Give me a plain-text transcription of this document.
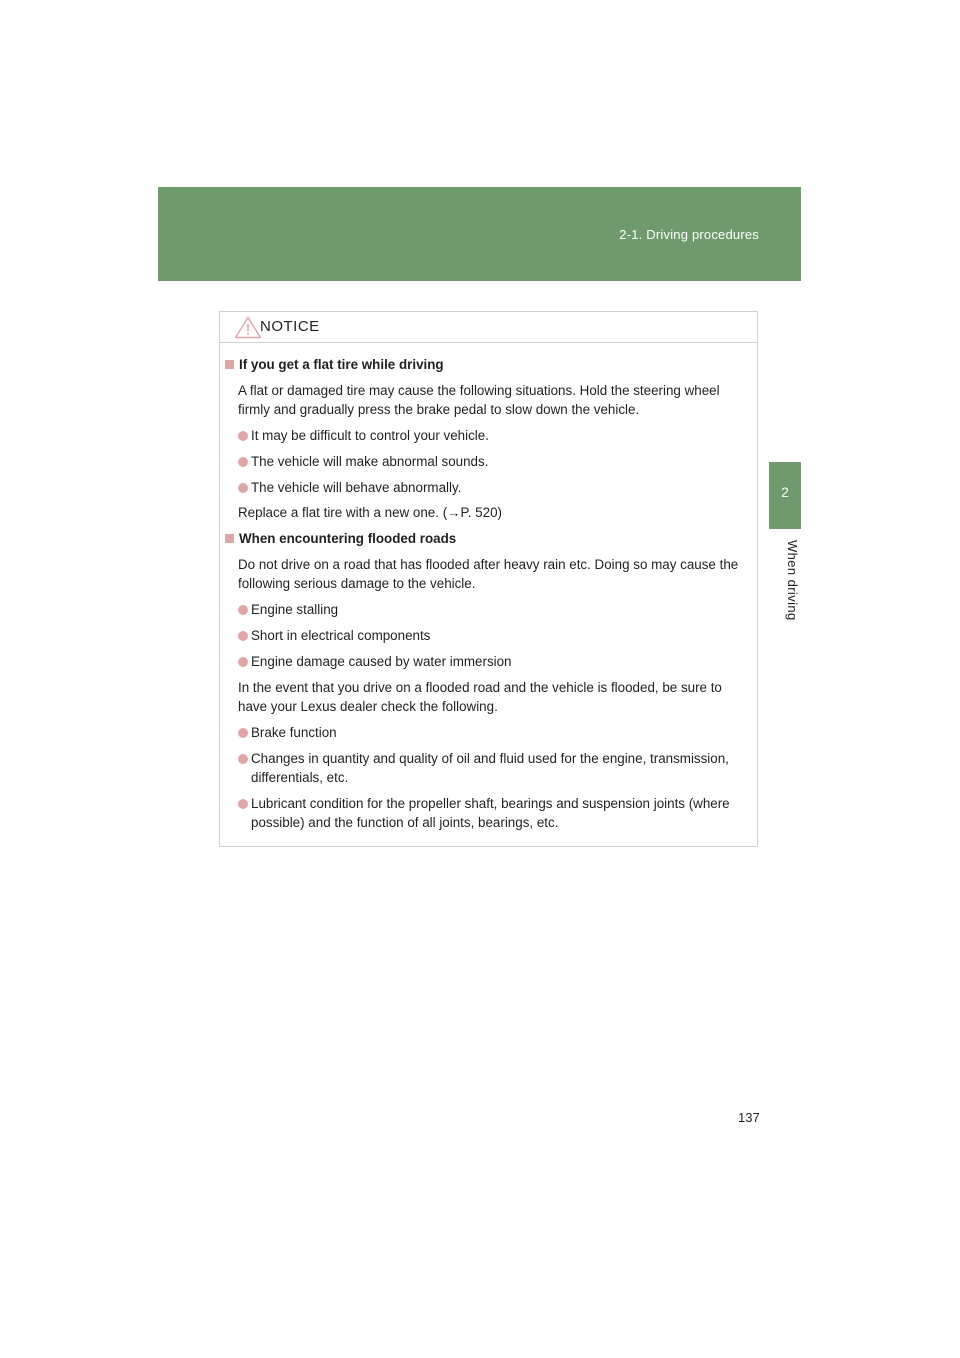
2-1. Driving procedures
2
When driving
NOTICE
If you get a flat tire while driving
A flat or damaged tire may cause the following situations. Hold the steering wheel
firmly and gradually press the brake pedal to slow down the vehicle.
It may be difficult to control your vehicle.
The vehicle will make abnormal sounds.
The vehicle will behave abnormally.
Replace a flat tire with a new one. (→P. 520)
When encountering flooded roads
Do not drive on a road that has flooded after heavy rain etc. Doing so may cause the
following serious damage to the vehicle.
Engine stalling
Short in electrical components
Engine damage caused by water immersion
In the event that you drive on a flooded road and the vehicle is flooded, be sure to
have your Lexus dealer check the following.
Brake function
Changes in quantity and quality of oil and fluid used for the engine, transmission,
differentials, etc.
Lubricant condition for the propeller shaft, bearings and suspension joints (where
possible) and the function of all joints, bearings, etc.
137
